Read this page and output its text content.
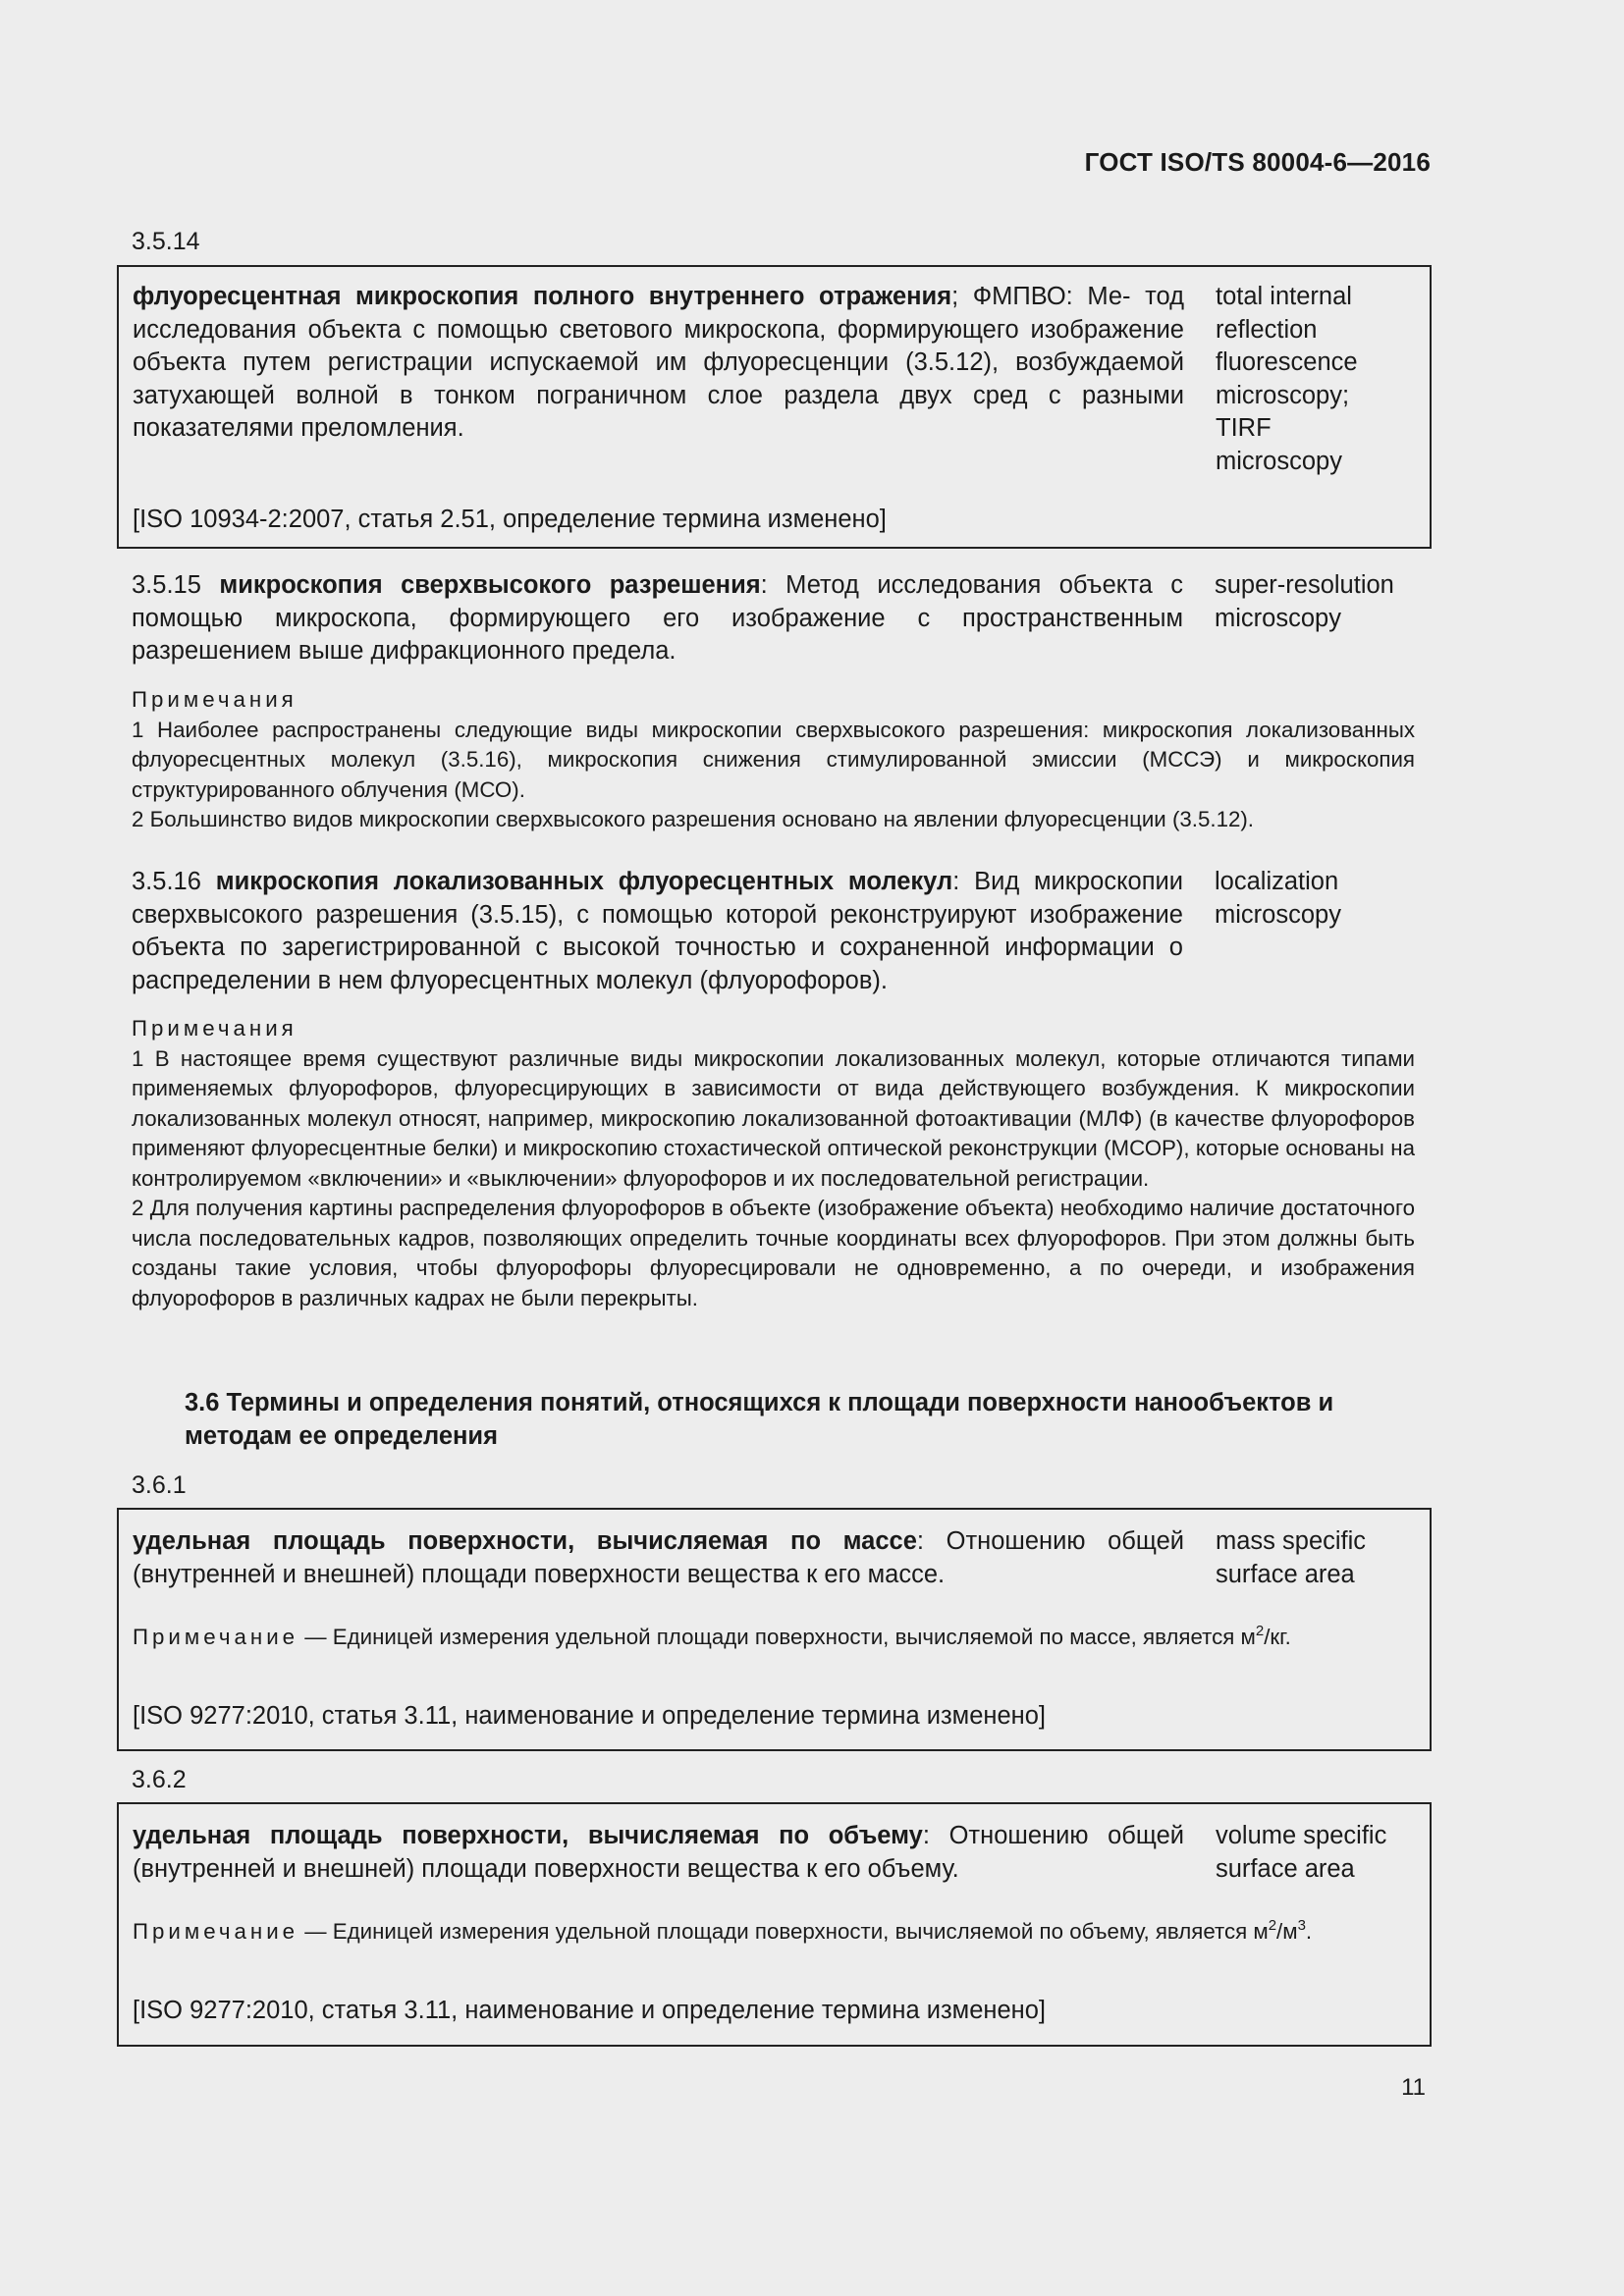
ГОСТ ISO/TS 80004-6—2016
3.5.14
флуоресцентная микроскопия полного внутреннего отражения; ФМПВО: Ме- тод исследования объекта с помощью светового микроскопа, формирующего изображение объекта путем регистрации испускаемой им флуоресценции (3.5.12), возбуждаемой затухающей волной в тонком пограничном слое раздела двух сред с разными показателями преломления.
total internal
reflection
fluorescence
microscopy;
TIRF
microscopy
[ISO 10934-2:2007, статья 2.51, определение термина изменено]
3.5.15 микроскопия сверхвысокого разрешения: Метод исследования объекта с помощью микроскопа, формирующего его изображение с пространственным разрешением выше дифракционного предела.
super-resolution
microscopy

Примечания

1 Наиболее распространены следующие виды микроскопии сверхвысокого разрешения: микроскопия локализованных флуоресцентных молекул (3.5.16), микроскопия снижения стимулированной эмиссии (МССЭ) и микроскопия структурированного облучения (МСО).

2 Большинство видов микроскопии сверхвысокого разрешения основано на явлении флуоресценции (3.5.12).

3.5.16 микроскопия локализованных флуоресцентных молекул: Вид микроскопии сверхвысокого разрешения (3.5.15), с помощью которой реконструируют изображение объекта по зарегистрированной с высокой точностью и сохраненной информации о распределении в нем флуоресцентных молекул (флуорофоров).
localization
microscopy

Примечания

1 В настоящее время существуют различные виды микроскопии локализованных молекул, которые отличаются типами применяемых флуорофоров, флуоресцирующих в зависимости от вида действующего возбуждения. К микроскопии локализованных молекул относят, например, микроскопию локализованной фотоактивации (МЛФ) (в качестве флуорофоров применяют флуоресцентные белки) и микроскопию стохастической оптической реконструкции (МСОР), которые основаны на контролируемом «включении» и «выключении» флуорофоров и их последовательной регистрации.

2 Для получения картины распределения флуорофоров в объекте (изображение объекта) необходимо наличие достаточного числа последовательных кадров, позволяющих определить точные координаты всех флуорофоров. При этом должны быть созданы такие условия, чтобы флуорофоры флуоресцировали не одновременно, а по очереди, и изображения флуорофоров в различных кадрах не были перекрыты.

3.6 Термины и определения понятий, относящихся к площади поверхности нанообъектов и методам ее определения
3.6.1
удельная площадь поверхности, вычисляемая по массе: Отношению общей (внутренней и внешней) площади поверхности вещества к его массе.
mass specific
surface area
Примечание — Единицей измерения удельной площади поверхности, вычисляемой по массе, является $м^2/кг$.
[ISO 9277:2010, статья 3.11, наименование и определение термина изменено]
3.6.2
удельная площадь поверхности, вычисляемая по объему: Отношению общей (внутренней и внешней) площади поверхности вещества к его объему.
volume specific
surface area
Примечание — Единицей измерения удельной площади поверхности, вычисляемой по объему, является $м^2/м^3$.
[ISO 9277:2010, статья 3.11, наименование и определение термина изменено]
11
